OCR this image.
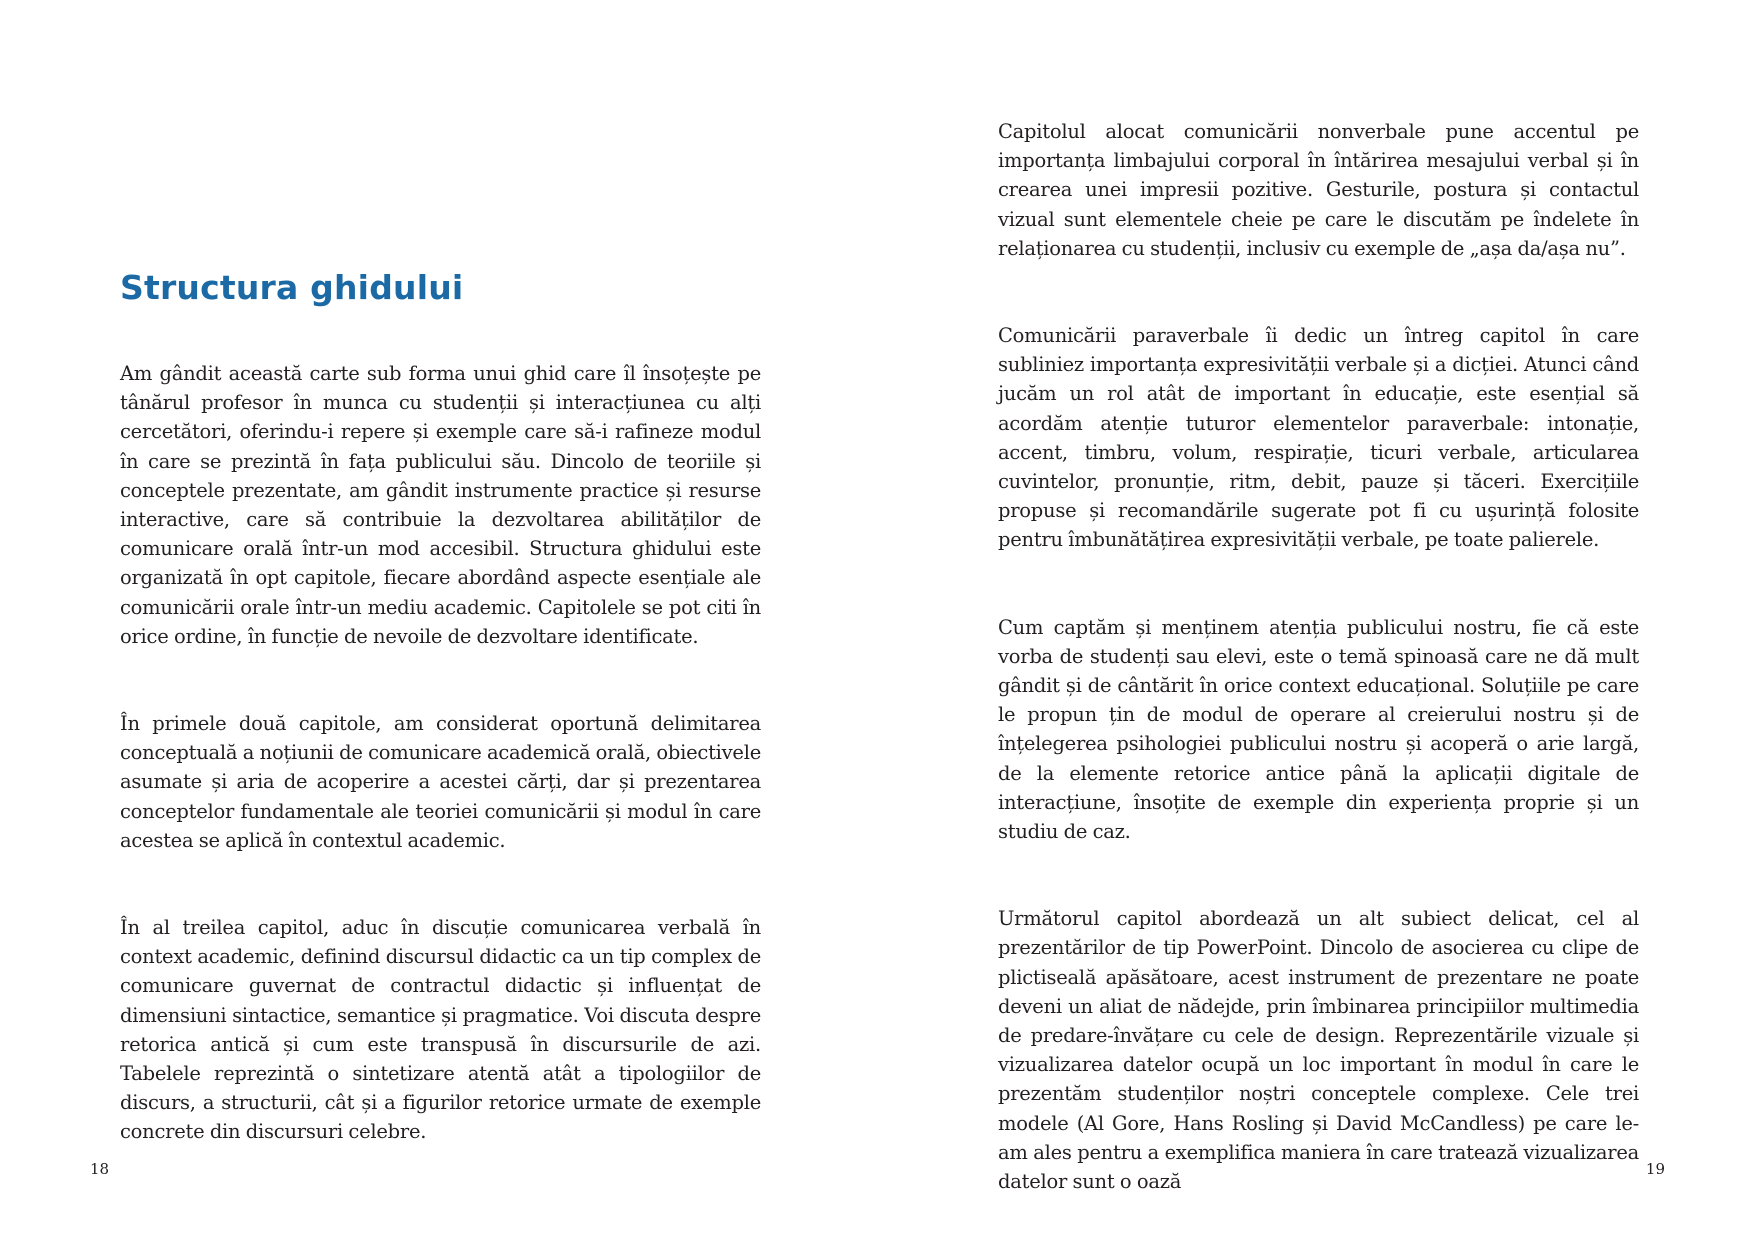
Structura ghidului

Am gândit această carte sub forma unui ghid care îl însoțește pe tânărul profesor în munca cu studenții și interacțiunea cu alți cercetători, oferindu-i repere și exemple care să-i rafineze modul în care se prezintă în fața publicului său. Dincolo de teoriile și conceptele prezentate, am gândit instrumente practice și resurse interactive, care să contribuie la dezvoltarea abilităților de comunicare orală într-un mod accesibil. Structura ghidului este organizată în opt capitole, fiecare abordând aspecte esențiale ale comunicării orale într-un mediu academic. Capitolele se pot citi în orice ordine, în funcție de nevoile de dezvoltare identificate.

În primele două capitole, am considerat oportună delimitarea conceptuală a noțiunii de comunicare academică orală, obiectivele asumate și aria de acoperire a acestei cărți, dar și prezentarea conceptelor fundamentale ale teoriei comunicării și modul în care acestea se aplică în contextul academic.

În al treilea capitol, aduc în discuție comunicarea verbală în context academic, definind discursul didactic ca un tip complex de comunicare guvernat de contractul didactic și influențat de dimensiuni sintactice, semantice și pragmatice. Voi discuta despre retorica antică și cum este transpusă în discursurile de azi. Tabelele reprezintă o sintetizare atentă atât a tipologiilor de discurs, a structurii, cât și a figurilor retorice urmate de exemple concrete din discursuri celebre.

18

Capitolul alocat comunicării nonverbale pune accentul pe importanța limbajului corporal în întărirea mesajului verbal și în crearea unei impresii pozitive. Gesturile, postura și contactul vizual sunt elementele cheie pe care le discutăm pe îndelete în relaționarea cu studenții, inclusiv cu exemple de „așa da/așa nu”.

Comunicării paraverbale îi dedic un întreg capitol în care subliniez importanța expresivității verbale și a dicției. Atunci când jucăm un rol atât de important în educație, este esențial să acordăm atenție tuturor elementelor paraverbale: intonație, accent, timbru, volum, respirație, ticuri verbale, articularea cuvintelor, pronunție, ritm, debit, pauze și tăceri. Exercițiile propuse și recomandările sugerate pot fi cu ușurință folosite pentru îmbunătățirea expresivității verbale, pe toate palierele.

Cum captăm și menținem atenția publicului nostru, fie că este vorba de studenți sau elevi, este o temă spinoasă care ne dă mult gândit și de cântărit în orice context educațional. Soluțiile pe care le propun țin de modul de operare al creierului nostru și de înțelegerea psihologiei publicului nostru și acoperă o arie largă, de la elemente retorice antice până la aplicații digitale de interacțiune, însoțite de exemple din experiența proprie și un studiu de caz.

Următorul capitol abordează un alt subiect delicat, cel al prezentărilor de tip PowerPoint. Dincolo de asocierea cu clipe de plictiseală apăsătoare, acest instrument de prezentare ne poate deveni un aliat de nădejde, prin îmbinarea principiilor multimedia de predare-învățare cu cele de design. Reprezentările vizuale și vizualizarea datelor ocupă un loc important în modul în care le prezentăm studenților noștri conceptele complexe. Cele trei modele (Al Gore, Hans Rosling și David McCandless) pe care le-am ales pentru a exemplifica maniera în care tratează vizualizarea datelor sunt o oază

19
